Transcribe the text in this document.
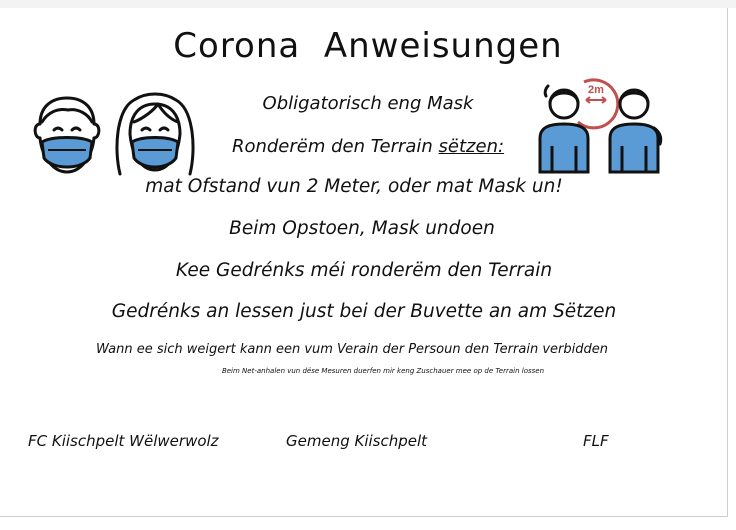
Corona  Anweisungen
2m
Obligatorisch eng Mask
Ronderëm den Terrain sëtzen:
mat Ofstand vun 2 Meter, oder mat Mask un!
Beim Opstoen, Mask undoen
Kee Gedrénks méi ronderëm den Terrain
Gedrénks an lessen just bei der Buvette an am Sëtzen
Wann ee sich weigert kann een vum Verain der Persoun den Terrain verbidden
Beim Net-anhalen vun dëse Mesuren duerfen mir keng Zuschauer mee op de Terrain lossen
FC Kiischpelt Wëlwerwolz	Gemeng Kiischpelt	FLF
